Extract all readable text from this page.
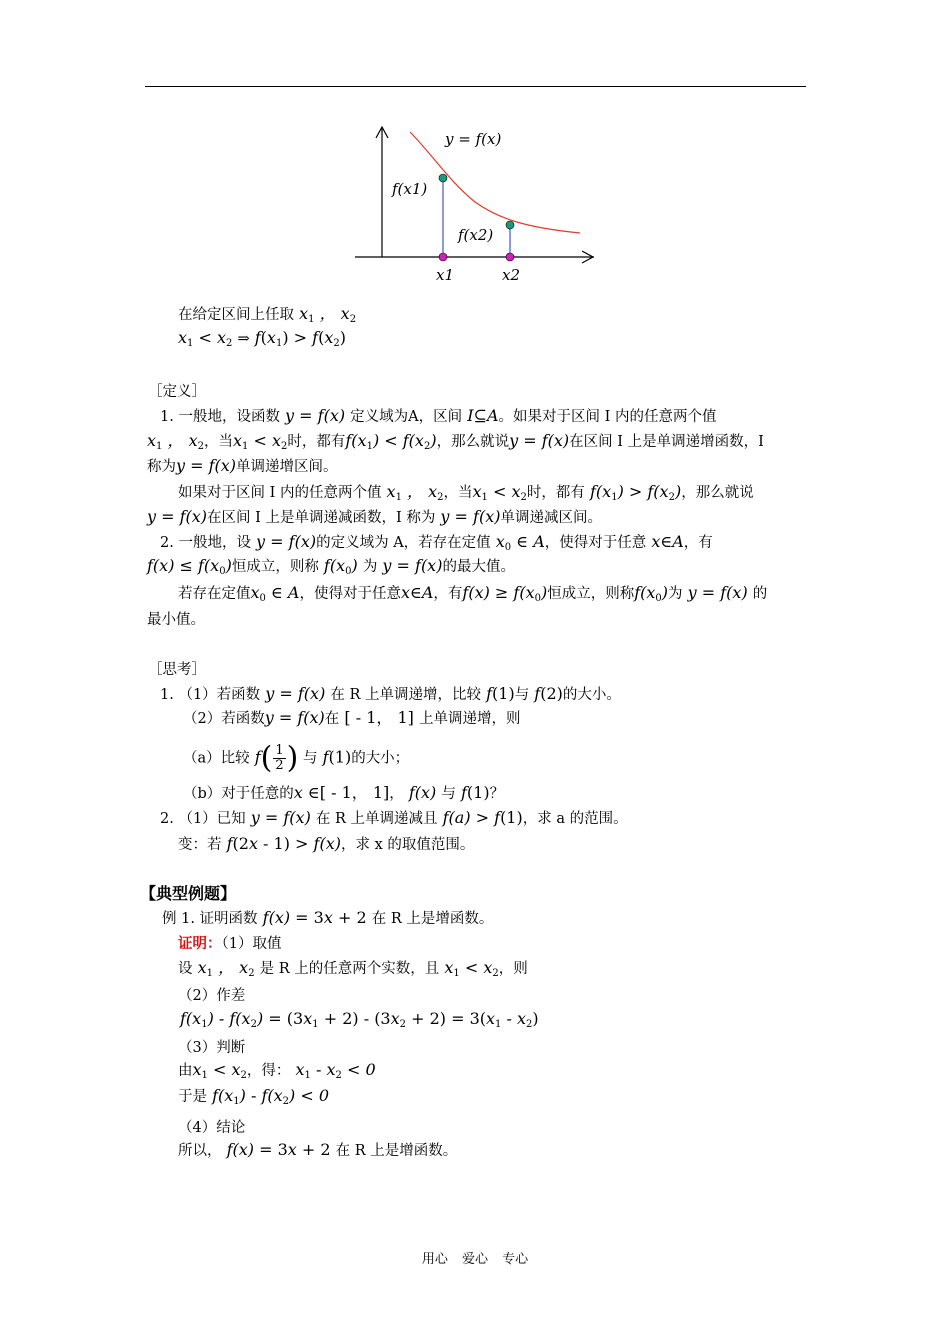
y = f(x)
f(x1)
f(x2)
x1	x2
在给定区间上任取 $x_1$ ， $x_2$
$x_1 < x_2$ ⇒ $f(x_1) > f(x_2)$
［定义］
1. 一般地，设函数 y = f(x) 定义域为A，区间 I⊆A。如果对于区间 I 内的任意两个值
$x_1$ ， $x_2$，当$x_1 < x_2$时，都有$f(x_1) < f(x_2)$，那么就说y = f(x)在区间 I 上是单调递增函数，I
称为y = f(x)单调递增区间。
如果对于区间 I 内的任意两个值 $x_1$ ， $x_2$，当$x_1 < x_2$时，都有 $f(x_1) > f(x_2)$，那么就说
y = f(x)在区间 I 上是单调递减函数，I 称为 y = f(x)单调递减区间。
2. 一般地，设 y = f(x)的定义域为 A，若存在定值 $x_0$ ∈ A，使得对于任意 x∈A，有
$f(x) \le f(x_0)$恒成立，则称 $f(x_0)$ 为 y = f(x)的最大值。
若存在定值$x_0$ ∈ A，使得对于任意x∈A，有$f(x) \ge f(x_0)$恒成立，则称$f(x_0)$为 y = f(x) 的
最小值。
［思考］
1. （1）若函数 y = f(x) 在 R 上单调递增，比较 f(1)与 f(2)的大小。
（2）若函数y = f(x)在 [ - 1， 1] 上单调递增，则
（a）比较 $f( \frac{1}{2}$ ) 与 f(1)的大小；
（b）对于任意的x ∈[ - 1， 1]， f(x) 与 f(1)？
2. （1）已知 y = f(x) 在 R 上单调递减且 f(a) > f(1)，求 a 的范围。
变：若 f(2x - 1) > f(x)，求 x 的取值范围。
【典型例题】
例 1. 证明函数 f(x) = 3x + 2 在 R 上是增函数。
证明：（1）取值
设 $x_1$ ， $x_2$ 是 R 上的任意两个实数，且 $x_1 < x_2$，则
（2）作差
$f(x_1) - f(x_2) = (3x_1 + 2) - (3x_2 + 2) = 3(x_1 - x_2)$
（3）判断
由$x_1 < x_2$，得： $x_1 - x_2 < 0$
于是 $f(x_1) - f(x_2) < 0$
（4）结论
所以， f(x) = 3x + 2 在 R 上是增函数。
用心 爱心 专心
